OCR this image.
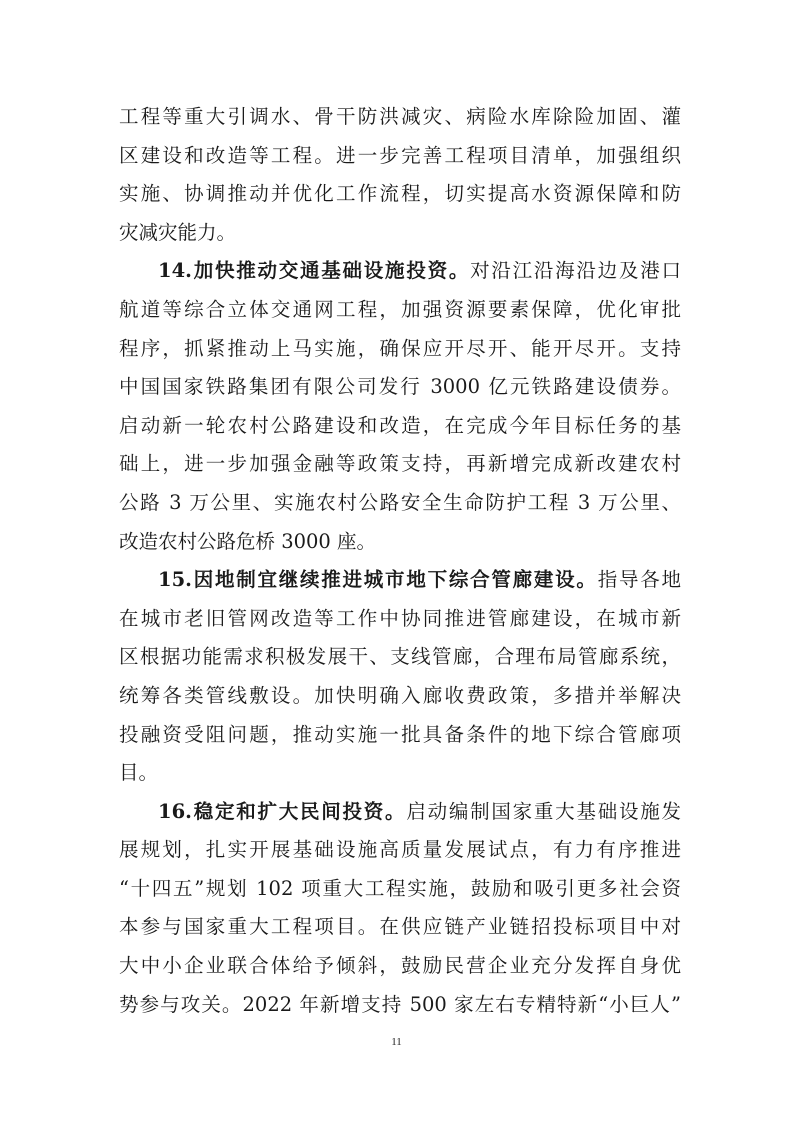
工程等重大引调水、骨干防洪减灾、病险水库除险加固、灌
区建设和改造等工程。进一步完善工程项目清单，加强组织
实施、协调推动并优化工作流程，切实提高水资源保障和防
灾减灾能力。
14.加快推动交通基础设施投资。对沿江沿海沿边及港口
航道等综合立体交通网工程，加强资源要素保障，优化审批
程序，抓紧推动上马实施，确保应开尽开、能开尽开。支持
中国国家铁路集团有限公司发行 3000 亿元铁路建设债券。
启动新一轮农村公路建设和改造，在完成今年目标任务的基
础上，进一步加强金融等政策支持，再新增完成新改建农村
公路 3 万公里、实施农村公路安全生命防护工程 3 万公里、
改造农村公路危桥 3000 座。
15.因地制宜继续推进城市地下综合管廊建设。指导各地
在城市老旧管网改造等工作中协同推进管廊建设，在城市新
区根据功能需求积极发展干、支线管廊，合理布局管廊系统，
统筹各类管线敷设。加快明确入廊收费政策，多措并举解决
投融资受阻问题，推动实施一批具备条件的地下综合管廊项
目。
16.稳定和扩大民间投资。启动编制国家重大基础设施发
展规划，扎实开展基础设施高质量发展试点，有力有序推进
“十四五”规划 102 项重大工程实施，鼓励和吸引更多社会资
本参与国家重大工程项目。在供应链产业链招投标项目中对
大中小企业联合体给予倾斜，鼓励民营企业充分发挥自身优
势参与攻关。2022 年新增支持 500 家左右专精特新“小巨人”
11
